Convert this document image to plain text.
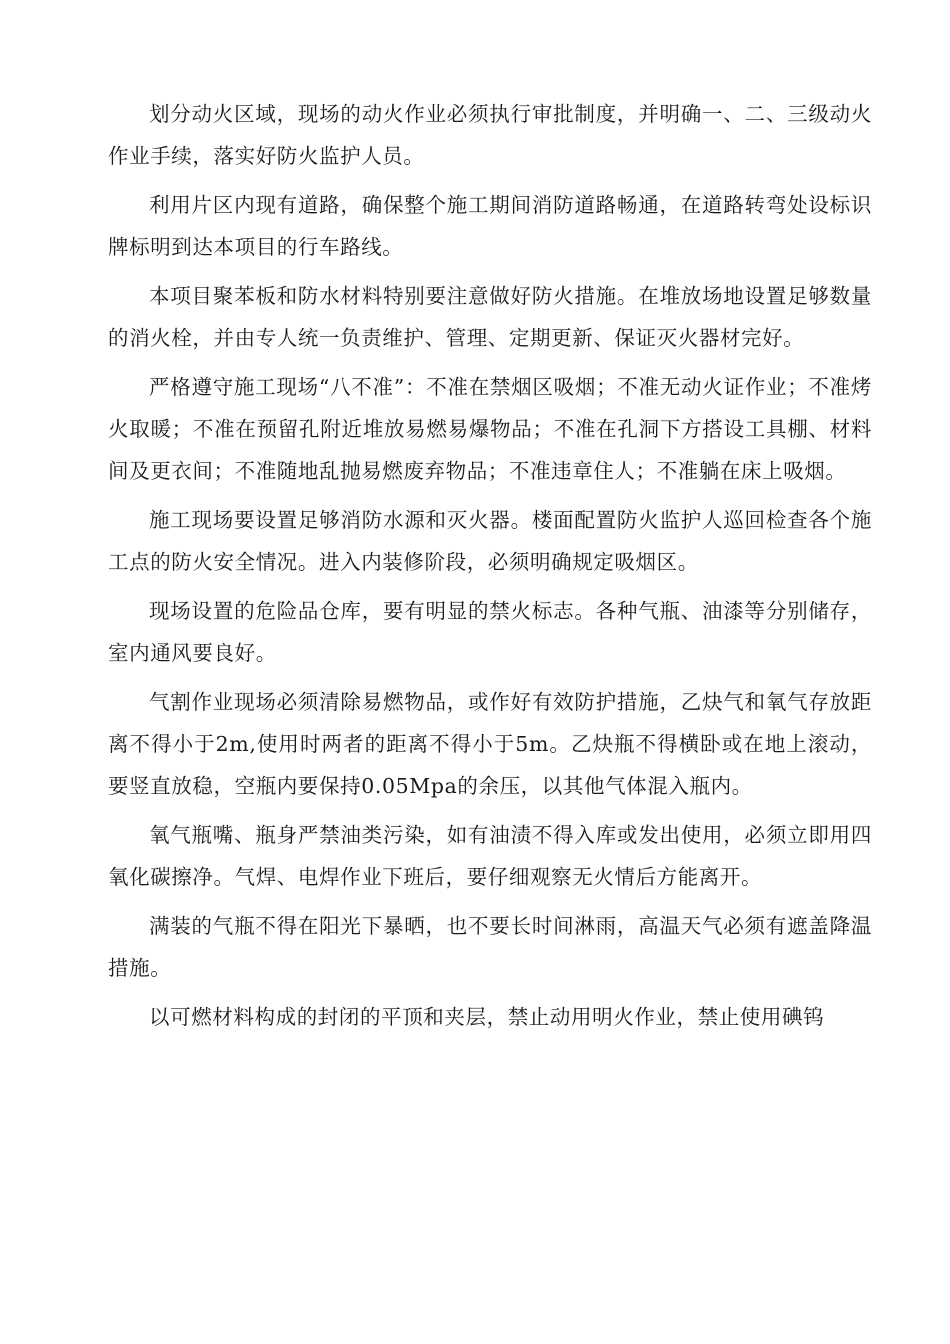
划分动火区域，现场的动火作业必须执行审批制度，并明确一、二、三级动火作业手续，落实好防火监护人员。

利用片区内现有道路，确保整个施工期间消防道路畅通，在道路转弯处设标识牌标明到达本项目的行车路线。

本项目聚苯板和防水材料特别要注意做好防火措施。在堆放场地设置足够数量的消火栓，并由专人统一负责维护、管理、定期更新、保证灭火器材完好。

严格遵守施工现场“八不准”：不准在禁烟区吸烟；不准无动火证作业；不准烤火取暖；不准在预留孔附近堆放易燃易爆物品；不准在孔洞下方搭设工具棚、材料间及更衣间；不准随地乱抛易燃废弃物品；不准违章住人；不准躺在床上吸烟。

施工现场要设置足够消防水源和灭火器。楼面配置防火监护人巡回检查各个施工点的防火安全情况。进入内装修阶段，必须明确规定吸烟区。

现场设置的危险品仓库，要有明显的禁火标志。各种气瓶、油漆等分别储存，室内通风要良好。

气割作业现场必须清除易燃物品，或作好有效防护措施，乙炔气和氧气存放距离不得小于2m,使用时两者的距离不得小于5m。乙炔瓶不得横卧或在地上滚动，要竖直放稳，空瓶内要保持0.05Mpa的余压，以其他气体混入瓶内。

氧气瓶嘴、瓶身严禁油类污染，如有油渍不得入库或发出使用，必须立即用四氧化碳擦净。气焊、电焊作业下班后，要仔细观察无火情后方能离开。

满装的气瓶不得在阳光下暴晒，也不要长时间淋雨，高温天气必须有遮盖降温措施。

以可燃材料构成的封闭的平顶和夹层，禁止动用明火作业，禁止使用碘钨
